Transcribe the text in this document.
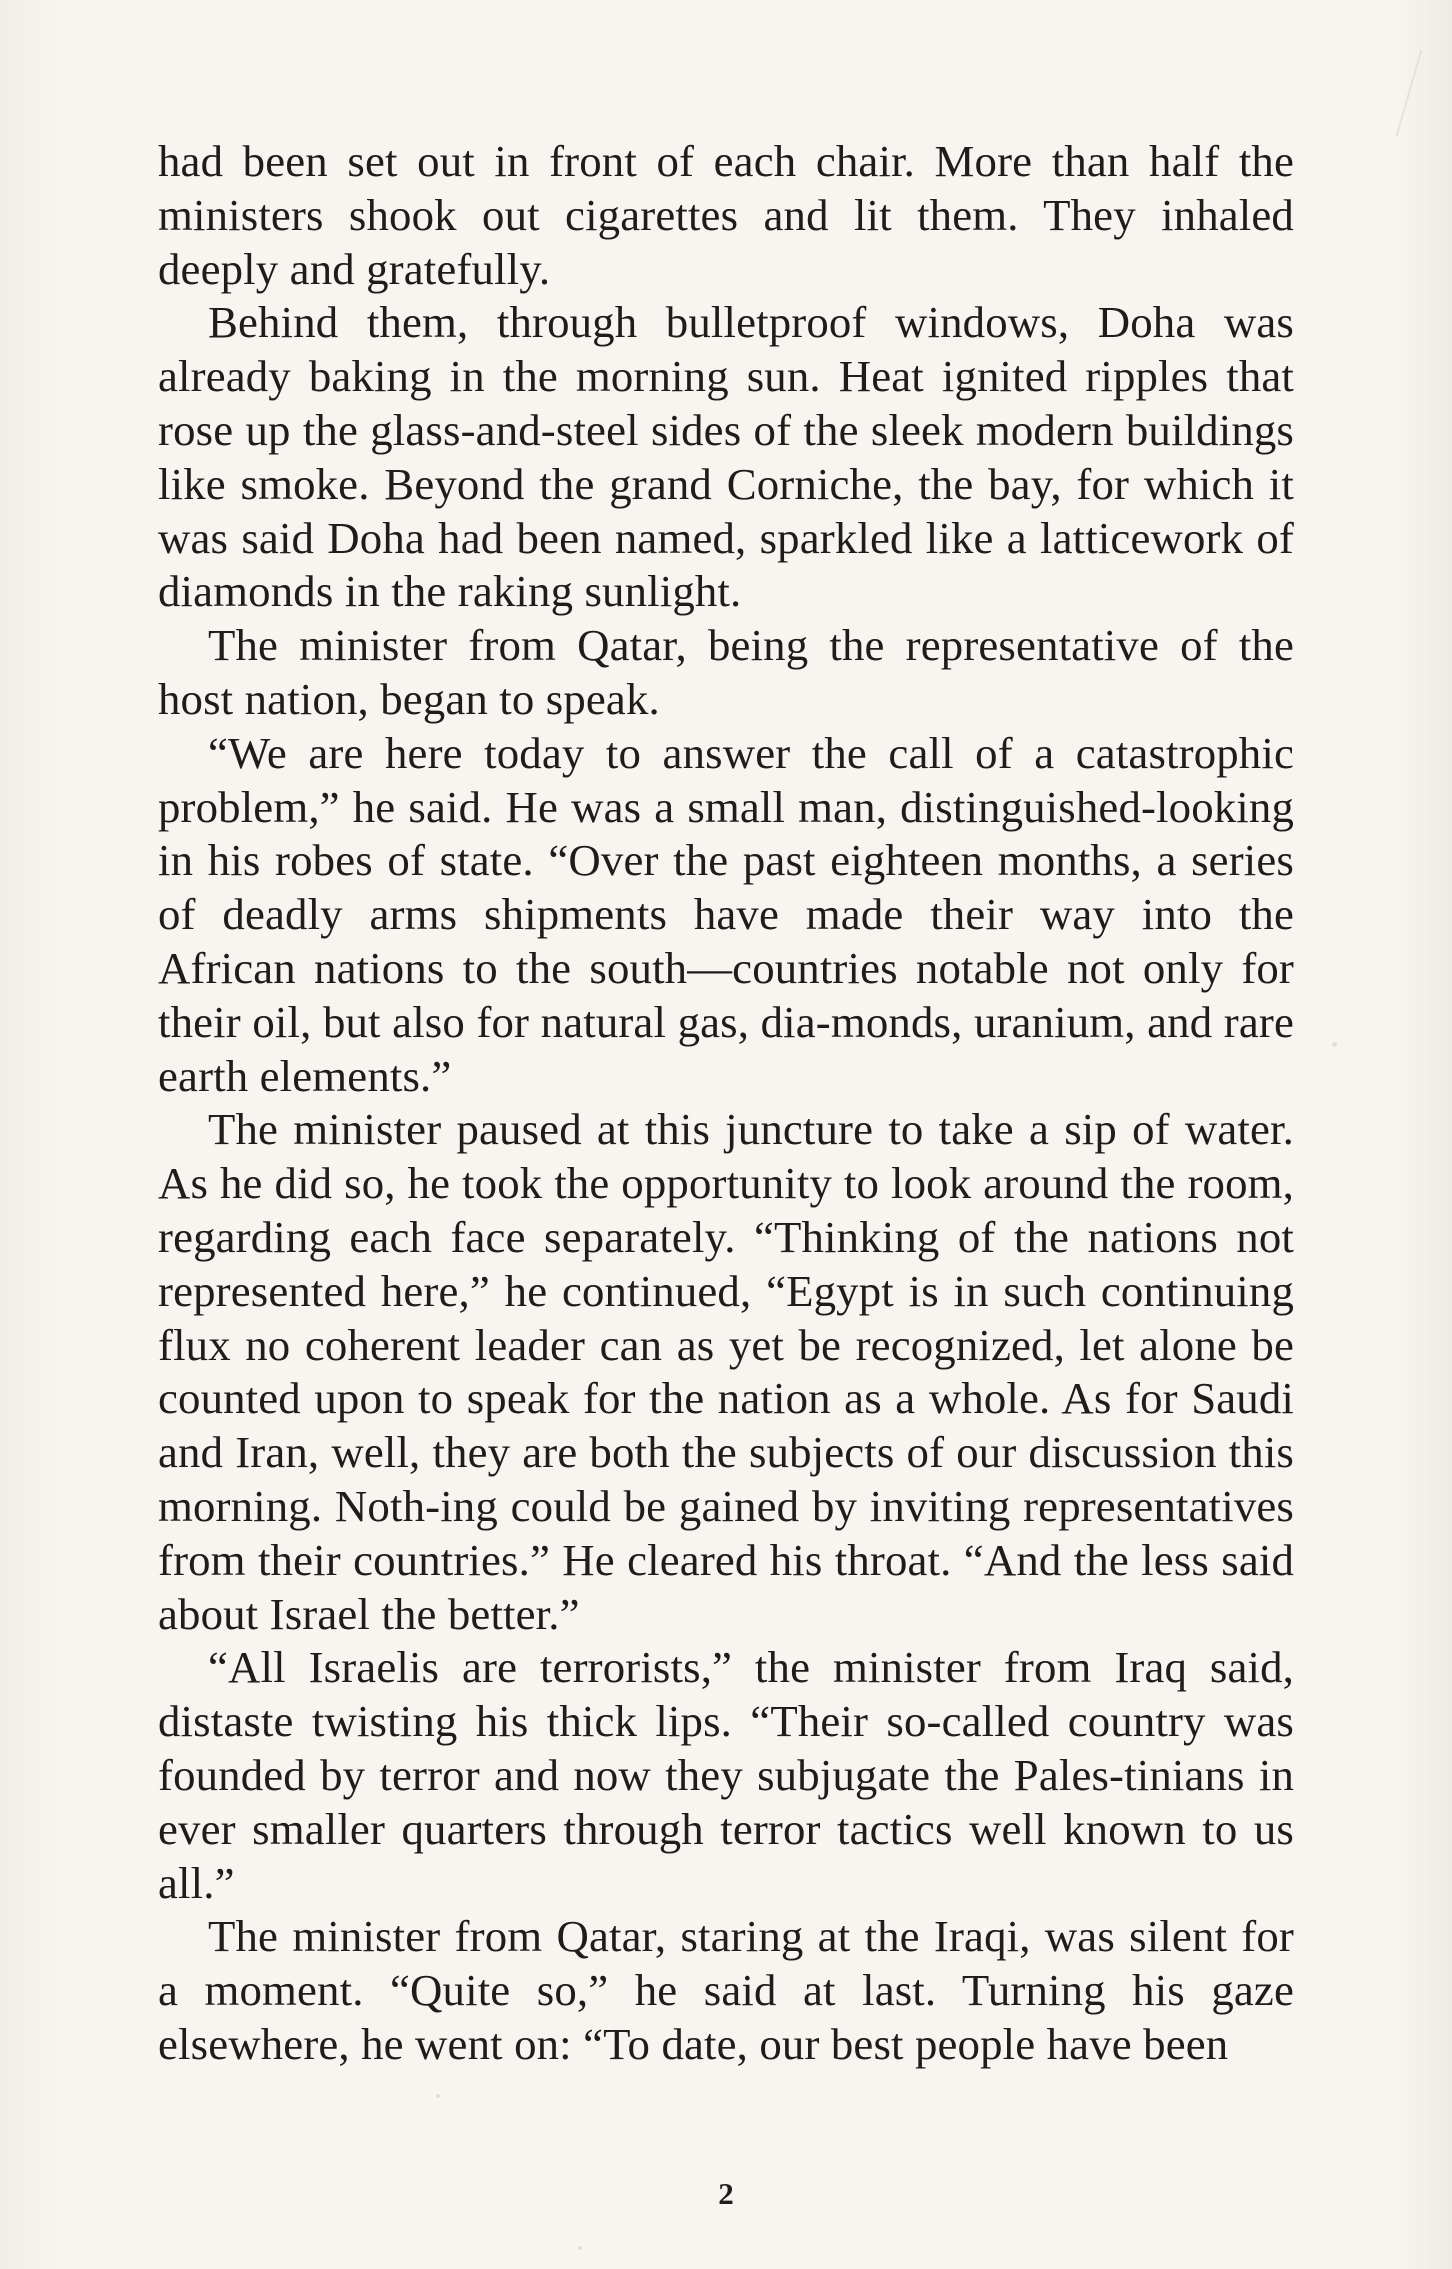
had been set out in front of each chair. More than half the ministers shook out cigarettes and lit them. They inhaled deeply and gratefully.

Behind them, through bulletproof windows, Doha was already baking in the morning sun. Heat ignited ripples that rose up the glass-and-steel sides of the sleek modern buildings like smoke. Beyond the grand Corniche, the bay, for which it was said Doha had been named, sparkled like a latticework of diamonds in the raking sunlight.

The minister from Qatar, being the representative of the host nation, began to speak.

“We are here today to answer the call of a catastrophic problem,” he said. He was a small man, distinguished-looking in his robes of state. “Over the past eighteen months, a series of deadly arms shipments have made their way into the African nations to the south—countries notable not only for their oil, but also for natural gas, dia-monds, uranium, and rare earth elements.”

The minister paused at this juncture to take a sip of water. As he did so, he took the opportunity to look around the room, regarding each face separately. “Thinking of the nations not represented here,” he continued, “Egypt is in such continuing flux no coherent leader can as yet be recognized, let alone be counted upon to speak for the nation as a whole. As for Saudi and Iran, well, they are both the subjects of our discussion this morning. Noth-ing could be gained by inviting representatives from their countries.” He cleared his throat. “And the less said about Israel the better.”

“All Israelis are terrorists,” the minister from Iraq said, distaste twisting his thick lips. “Their so-called country was founded by terror and now they subjugate the Pales-tinians in ever smaller quarters through terror tactics well known to us all.”

The minister from Qatar, staring at the Iraqi, was silent for a moment. “Quite so,” he said at last. Turning his gaze elsewhere, he went on: “To date, our best people have been

2
